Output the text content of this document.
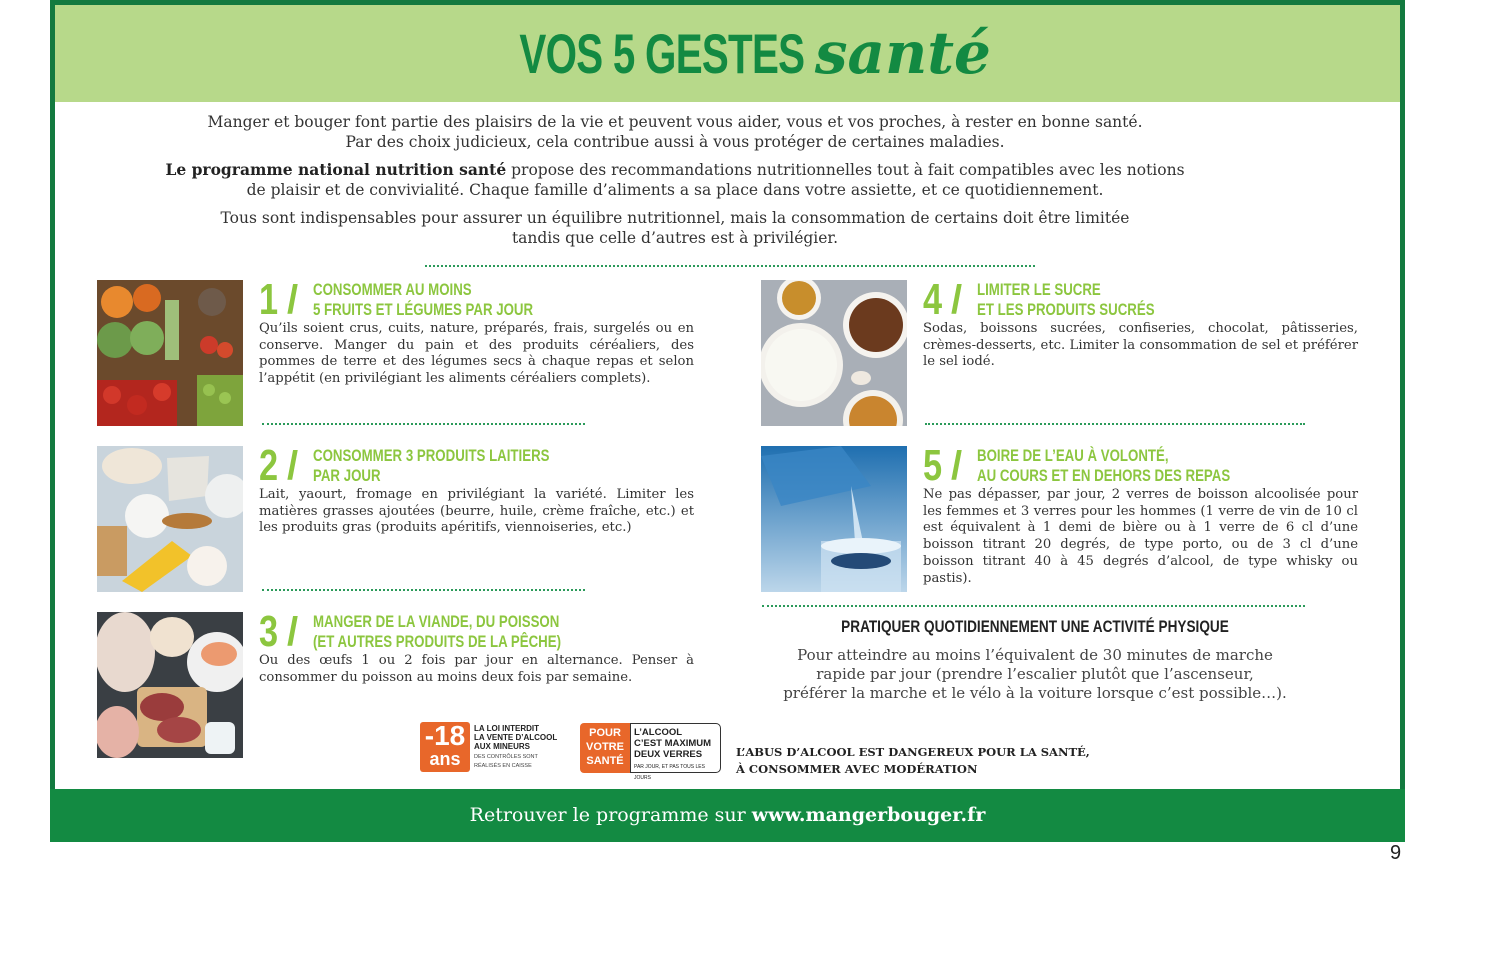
VOS 5 GESTES santé

Manger et bouger font partie des plaisirs de la vie et peuvent vous aider, vous et vos proches, à rester en bonne santé.
Par des choix judicieux, cela contribue aussi à vous protéger de certaines maladies.

Le programme national nutrition santé propose des recommandations nutritionnelles tout à fait compatibles avec les notions de plaisir et de convivialité. Chaque famille d’aliments a sa place dans votre assiette, et ce quotidiennement.

Tous sont indispensables pour assurer un équilibre nutritionnel, mais la consommation de certains doit être limitée tandis que celle d’autres est à privilégier.

1 / CONSOMMER AU MOINS
5 FRUITS ET LÉGUMES PAR JOUR
Qu’ils soient crus, cuits, nature, préparés, frais, surgelés ou en conserve. Manger du pain et des produits céréaliers, des pommes de terre et des légumes secs à chaque repas et selon l’appétit (en privilégiant les aliments céréaliers complets).
2 / CONSOMMER 3 PRODUITS LAITIERS
PAR JOUR
Lait, yaourt, fromage en privilégiant la variété. Limiter les matières grasses ajoutées (beurre, huile, crème fraîche, etc.) et les produits gras (produits apéritifs, viennoiseries, etc.)
3 / MANGER DE LA VIANDE, DU POISSON
(ET AUTRES PRODUITS DE LA PÊCHE)
Ou des œufs 1 ou 2 fois par jour en alternance. Penser à consommer du poisson au moins deux fois par semaine.
4 / LIMITER LE SUCRE
ET LES PRODUITS SUCRÉS
Sodas, boissons sucrées, confiseries, chocolat, pâtisseries, crèmes-desserts, etc. Limiter la consommation de sel et préférer le sel iodé.
5 / BOIRE DE L’EAU À VOLONTÉ,
AU COURS ET EN DEHORS DES REPAS
Ne pas dépasser, par jour, 2 verres de boisson alcoolisée pour les femmes et 3 verres pour les hommes (1 verre de vin de 10 cl est équivalent à 1 demi de bière ou à 1 verre de 6 cl d’une boisson titrant 20 degrés, de type porto, ou de 3 cl d’une boisson titrant 40 à 45 degrés d’alcool, de type whisky ou pastis).
PRATIQUER QUOTIDIENNEMENT UNE ACTIVITÉ PHYSIQUE
Pour atteindre au moins l’équivalent de 30 minutes de marche
rapide par jour (prendre l’escalier plutôt que l’ascenseur,
préférer la marche et le vélo à la voiture lorsque c’est possible…).
-18
ans
LA LOI INTERDIT
LA VENTE D’ALCOOL
AUX MINEURS
DES CONTRÔLES SONT
RÉALISÉS EN CAISSE
POUR
VOTRE
SANTÉ
L’ALCOOL
C’EST MAXIMUM
DEUX VERRES
PAR JOUR, ET PAS TOUS LES JOURS
L’ABUS D’ALCOOL EST DANGEREUX POUR LA SANTÉ,
À CONSOMMER AVEC MODÉRATION
Retrouver le programme sur www.mangerbouger.fr
9
